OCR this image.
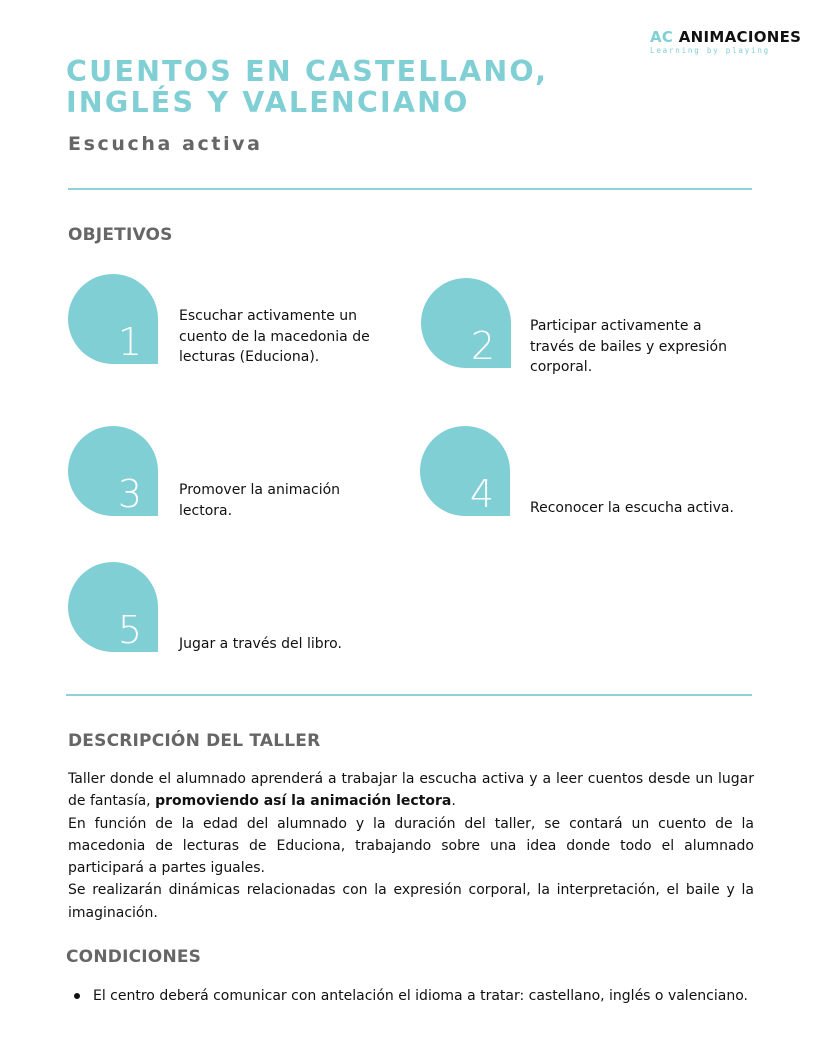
AC ANIMACIONES
Learning by playing
CUENTOS EN CASTELLANO,
INGLÉS Y VALENCIANO
Escucha activa
OBJETIVOS
1
Escuchar activamente un cuento de la macedonia de lecturas (Educiona).	2	Participar activamente a través de bailes y expresión corporal.
3	Promover la animación lectora.	4	Reconocer la escucha activa.
5	Jugar a través del libro.
DESCRIPCIÓN DEL TALLER

Taller donde el alumnado aprenderá a trabajar la escucha activa y a leer cuentos desde un lugar de fantasía, promoviendo así la animación lectora.

En función de la edad del alumnado y la duración del taller, se contará un cuento de la macedonia de lecturas de Educiona, trabajando sobre una idea donde todo el alumnado participará a partes iguales.

Se realizarán dinámicas relacionadas con la expresión corporal, la interpretación, el baile y la imaginación.

CONDICIONES
El centro deberá comunicar con antelación el idioma a tratar: castellano, inglés o valenciano.
